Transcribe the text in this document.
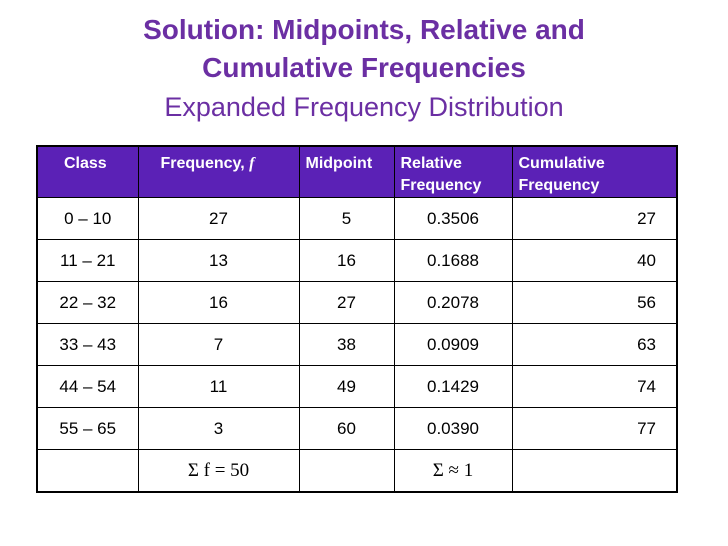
Solution: Midpoints, Relative and
Cumulative Frequencies
Expanded Frequency Distribution
Class	Frequency, f	Midpoint	Relative Frequency	Cumulative Frequency
0 – 10	27	5	0.3506	27
11 – 21	13	16	0.1688	40
22 – 32	16	27	0.2078	56
33 – 43	7	38	0.0909	63
44 – 54	11	49	0.1429	74
55 – 65	3	60	0.0390	77
	Σ f = 50		Σ ≈ 1	
